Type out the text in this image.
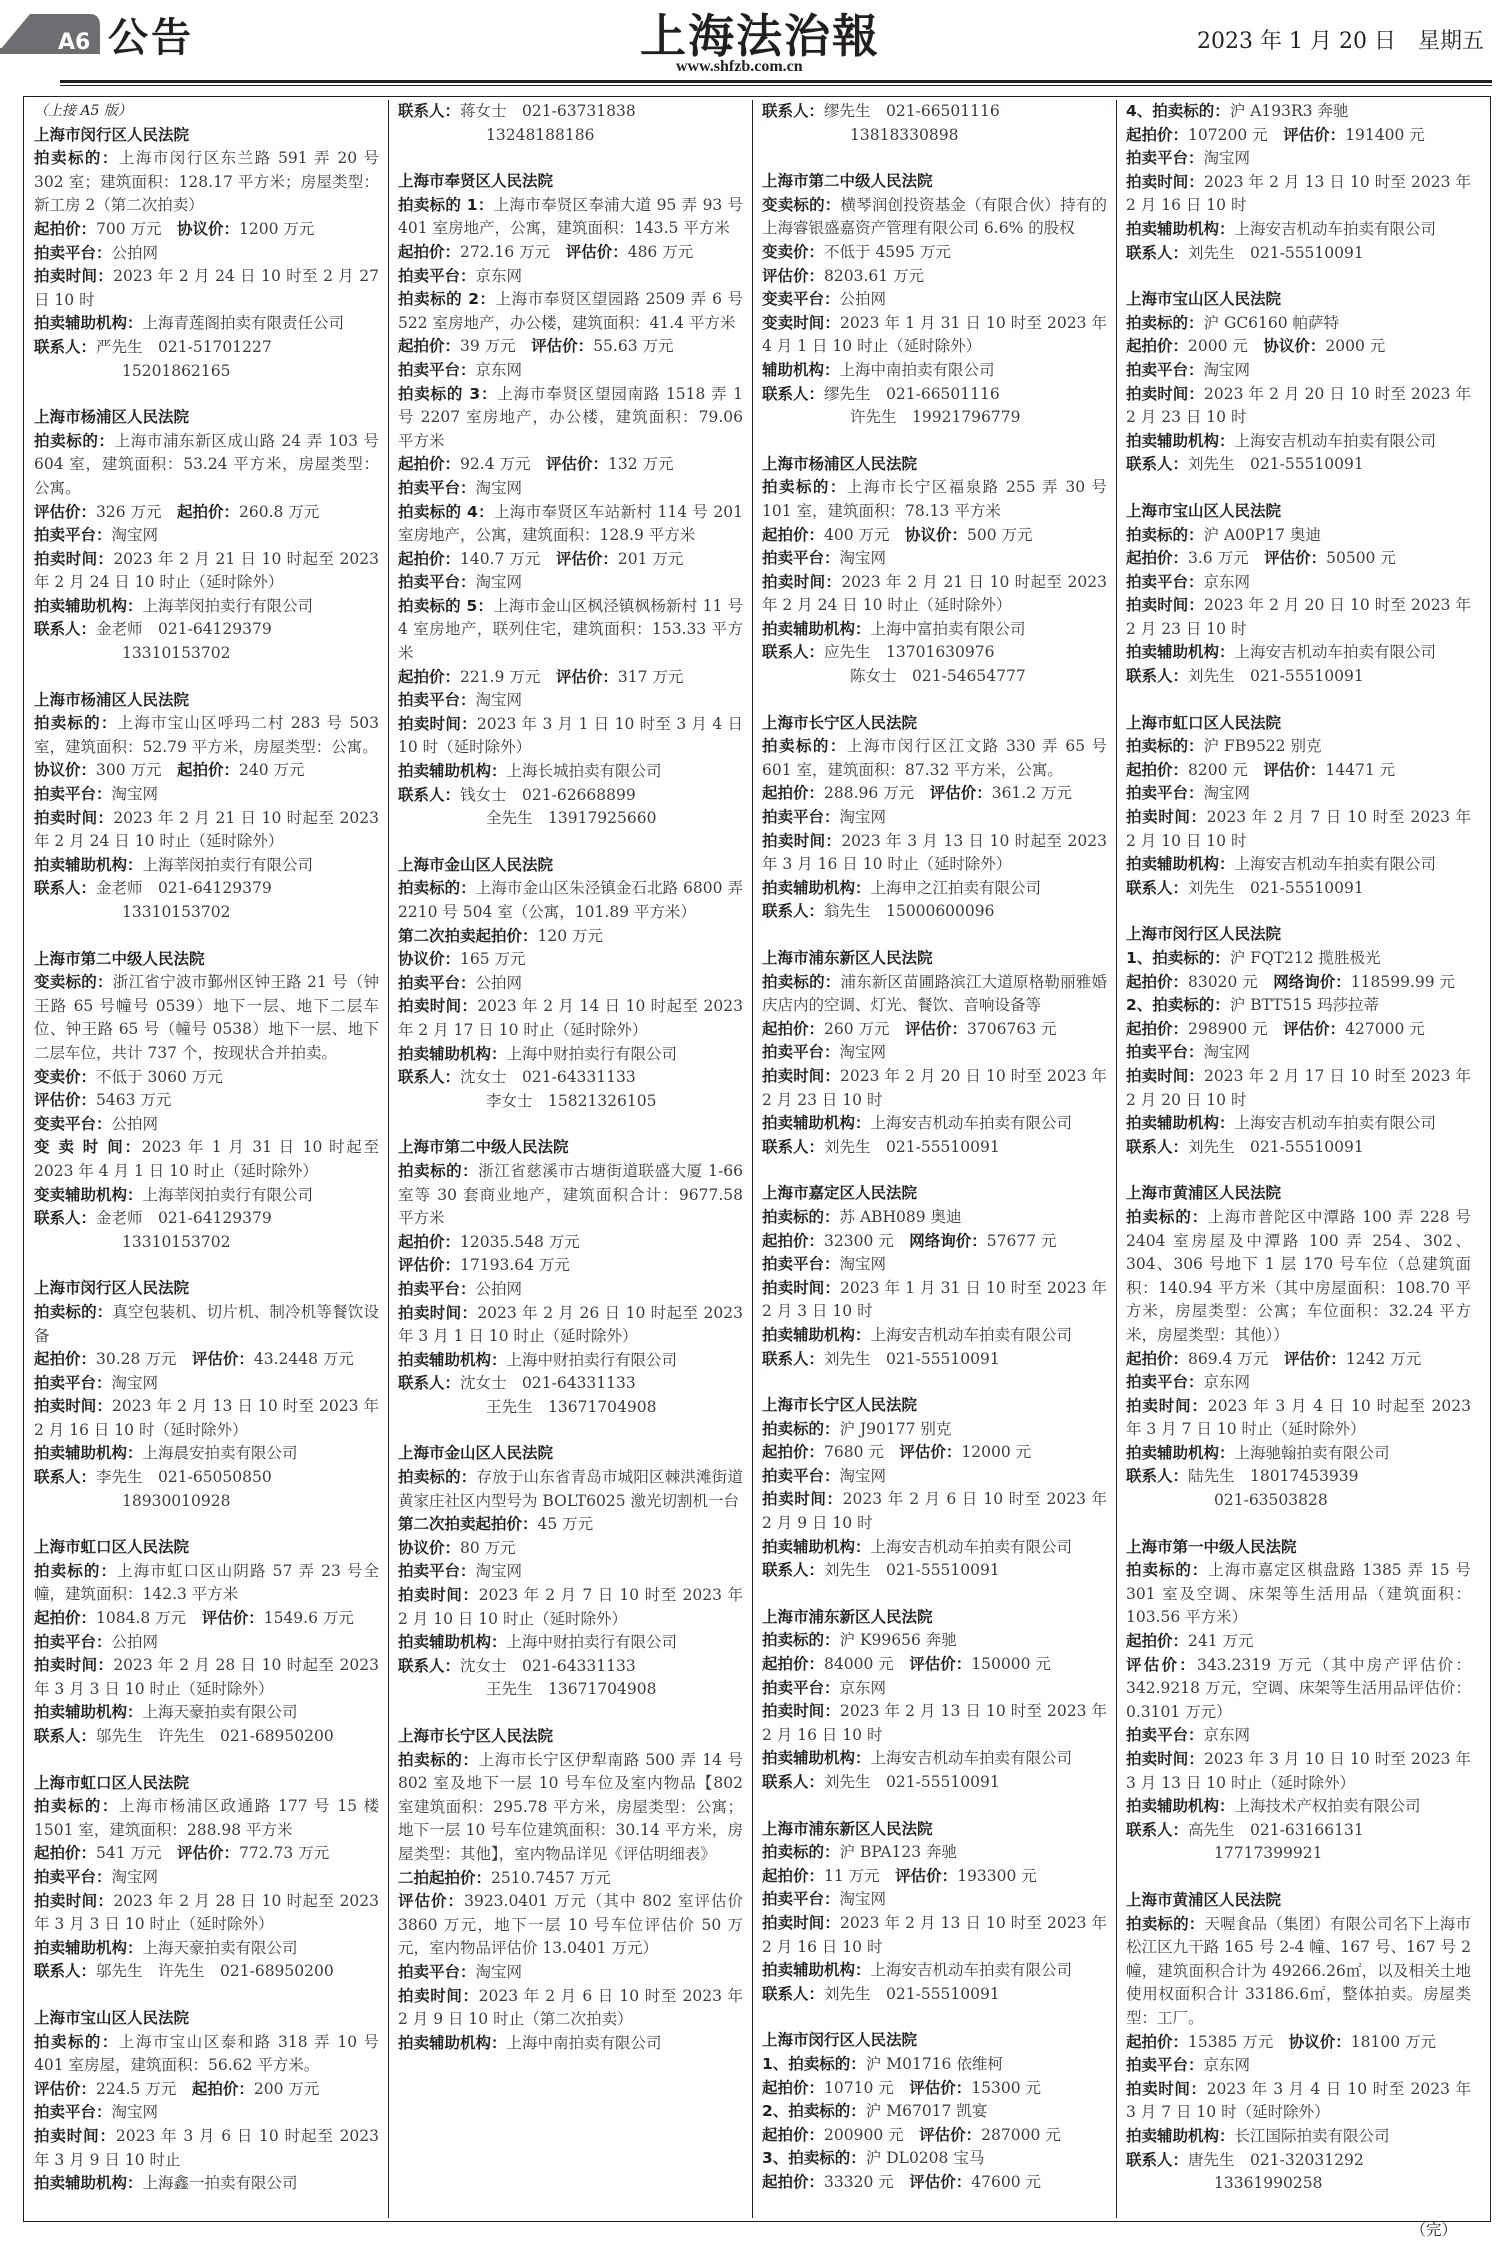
A6 公告	上海法治報
www.shfzb.com.cn
2023 年 1 月 20 日　星期五
（上接 A5 版）
上海市闵行区人民法院
拍卖标的：上海市闵行区东兰路 591 弄 20 号 302 室；建筑面积：128.17 平方米；房屋类型：新工房 2（第二次拍卖）
起拍价：700 万元　协议价：1200 万元
拍卖平台：公拍网
拍卖时间：2023 年 2 月 24 日 10 时至 2 月 27 日 10 时
拍卖辅助机构：上海青莲阁拍卖有限责任公司
联系人：严先生　021-51701227
15201862165
上海市杨浦区人民法院
拍卖标的：上海市浦东新区成山路 24 弄 103 号 604 室，建筑面积：53.24 平方米，房屋类型：公寓。
评估价：326 万元　起拍价：260.8 万元
拍卖平台：淘宝网
拍卖时间：2023 年 2 月 21 日 10 时起至 2023 年 2 月 24 日 10 时止（延时除外）
拍卖辅助机构：上海莘闵拍卖行有限公司
联系人：金老师　021-64129379
13310153702
上海市杨浦区人民法院
拍卖标的：上海市宝山区呼玛二村 283 号 503 室，建筑面积：52.79 平方米，房屋类型：公寓。
协议价：300 万元　起拍价：240 万元
拍卖平台：淘宝网
拍卖时间：2023 年 2 月 21 日 10 时起至 2023 年 2 月 24 日 10 时止（延时除外）
拍卖辅助机构：上海莘闵拍卖行有限公司
联系人：金老师　021-64129379
13310153702
上海市第二中级人民法院
变卖标的：浙江省宁波市鄞州区钟王路 21 号（钟王路 65 号幢号 0539）地下一层、地下二层车位、钟王路 65 号（幢号 0538）地下一层、地下二层车位，共计 737 个，按现状合并拍卖。
变卖价：不低于 3060 万元
评估价：5463 万元
变卖平台：公拍网
变 卖 时 间：2023 年 1 月 31 日 10 时起至 2023 年 4 月 1 日 10 时止（延时除外）
变卖辅助机构：上海莘闵拍卖行有限公司
联系人：金老师　021-64129379
13310153702
上海市闵行区人民法院
拍卖标的：真空包装机、切片机、制冷机等餐饮设备
起拍价：30.28 万元　评估价：43.2448 万元
拍卖平台：淘宝网
拍卖时间：2023 年 2 月 13 日 10 时至 2023 年 2 月 16 日 10 时（延时除外）
拍卖辅助机构：上海晨安拍卖有限公司
联系人：李先生　021-65050850
18930010928
上海市虹口区人民法院
拍卖标的：上海市虹口区山阴路 57 弄 23 号全幢，建筑面积：142.3 平方米
起拍价：1084.8 万元　评估价：1549.6 万元
拍卖平台：公拍网
拍卖时间：2023 年 2 月 28 日 10 时起至 2023 年 3 月 3 日 10 时止（延时除外）
拍卖辅助机构：上海天豪拍卖有限公司
联系人：邬先生　许先生　021-68950200
上海市虹口区人民法院
拍卖标的：上海市杨浦区政通路 177 号 15 楼 1501 室，建筑面积：288.98 平方米
起拍价：541 万元　评估价：772.73 万元
拍卖平台：淘宝网
拍卖时间：2023 年 2 月 28 日 10 时起至 2023 年 3 月 3 日 10 时止（延时除外）
拍卖辅助机构：上海天豪拍卖有限公司
联系人：邬先生　许先生　021-68950200
上海市宝山区人民法院
拍卖标的：上海市宝山区泰和路 318 弄 10 号 401 室房屋，建筑面积：56.62 平方米。
评估价：224.5 万元　起拍价：200 万元
拍卖平台：淘宝网
拍卖时间：2023 年 3 月 6 日 10 时起至 2023 年 3 月 9 日 10 时止
拍卖辅助机构：上海鑫一拍卖有限公司
联系人：蒋女士　021-63731838
13248188186
上海市奉贤区人民法院
拍卖标的 1：上海市奉贤区奉浦大道 95 弄 93 号 401 室房地产，公寓，建筑面积：143.5 平方米
起拍价：272.16 万元　评估价：486 万元
拍卖平台：京东网
拍卖标的 2：上海市奉贤区望园路 2509 弄 6 号 522 室房地产，办公楼，建筑面积：41.4 平方米
起拍价：39 万元　评估价：55.63 万元
拍卖平台：京东网
拍卖标的 3：上海市奉贤区望园南路 1518 弄 1 号 2207 室房地产，办公楼，建筑面积：79.06 平方米
起拍价：92.4 万元　评估价：132 万元
拍卖平台：淘宝网
拍卖标的 4：上海市奉贤区车站新村 114 号 201 室房地产，公寓，建筑面积：128.9 平方米
起拍价：140.7 万元　评估价：201 万元
拍卖平台：淘宝网
拍卖标的 5：上海市金山区枫泾镇枫杨新村 11 号 4 室房地产，联列住宅，建筑面积：153.33 平方米
起拍价：221.9 万元　评估价：317 万元
拍卖平台：淘宝网
拍卖时间：2023 年 3 月 1 日 10 时至 3 月 4 日 10 时（延时除外）
拍卖辅助机构：上海长城拍卖有限公司
联系人：钱女士　021-62668899
全先生　13917925660
上海市金山区人民法院
拍卖标的：上海市金山区朱泾镇金石北路 6800 弄 2210 号 504 室（公寓，101.89 平方米）
第二次拍卖起拍价：120 万元
协议价：165 万元
拍卖平台：公拍网
拍卖时间：2023 年 2 月 14 日 10 时起至 2023 年 2 月 17 日 10 时止（延时除外）
拍卖辅助机构：上海中财拍卖行有限公司
联系人：沈女士　021-64331133
李女士　15821326105
上海市第二中级人民法院
拍卖标的：浙江省慈溪市古塘街道联盛大厦 1-66 室等 30 套商业地产，建筑面积合计：9677.58 平方米
起拍价：12035.548 万元
评估价：17193.64 万元
拍卖平台：公拍网
拍卖时间：2023 年 2 月 26 日 10 时起至 2023 年 3 月 1 日 10 时止（延时除外）
拍卖辅助机构：上海中财拍卖行有限公司
联系人：沈女士　021-64331133
王先生　13671704908
上海市金山区人民法院
拍卖标的：存放于山东省青岛市城阳区棘洪滩街道黄家庄社区内型号为 BOLT6025 激光切割机一台
第二次拍卖起拍价：45 万元
协议价：80 万元
拍卖平台：淘宝网
拍卖时间：2023 年 2 月 7 日 10 时至 2023 年 2 月 10 日 10 时止（延时除外）
拍卖辅助机构：上海中财拍卖行有限公司
联系人：沈女士　021-64331133
王先生　13671704908
上海市长宁区人民法院
拍卖标的：上海市长宁区伊犁南路 500 弄 14 号 802 室及地下一层 10 号车位及室内物品【802 室建筑面积：295.78 平方米，房屋类型：公寓；地下一层 10 号车位建筑面积：30.14 平方米，房屋类型：其他】，室内物品详见《评估明细表》
二拍起拍价：2510.7457 万元
评估价：3923.0401 万元（其中 802 室评估价 3860 万元，地下一层 10 号车位评估价 50 万元，室内物品评估价 13.0401 万元）
拍卖平台：淘宝网
拍卖时间：2023 年 2 月 6 日 10 时至 2023 年 2 月 9 日 10 时止（第二次拍卖）
拍卖辅助机构：上海中南拍卖有限公司
联系人：缪先生　021-66501116
13818330898
上海市第二中级人民法院
变卖标的：横琴润创投资基金（有限合伙）持有的上海睿银盛嘉资产管理有限公司 6.6% 的股权
变卖价：不低于 4595 万元
评估价：8203.61 万元
变卖平台：公拍网
变卖时间：2023 年 1 月 31 日 10 时至 2023 年 4 月 1 日 10 时止（延时除外）
辅助机构：上海中南拍卖有限公司
联系人：缪先生　021-66501116
许先生　19921796779
上海市杨浦区人民法院
拍卖标的：上海市长宁区福泉路 255 弄 30 号 101 室，建筑面积：78.13 平方米
起拍价：400 万元　协议价：500 万元
拍卖平台：淘宝网
拍卖时间：2023 年 2 月 21 日 10 时起至 2023 年 2 月 24 日 10 时止（延时除外）
拍卖辅助机构：上海中富拍卖有限公司
联系人：应先生　13701630976
陈女士　021-54654777
上海市长宁区人民法院
拍卖标的：上海市闵行区江文路 330 弄 65 号 601 室，建筑面积：87.32 平方米，公寓。
起拍价：288.96 万元　评估价：361.2 万元
拍卖平台：淘宝网
拍卖时间：2023 年 3 月 13 日 10 时起至 2023 年 3 月 16 日 10 时止（延时除外）
拍卖辅助机构：上海申之江拍卖有限公司
联系人：翁先生　15000600096
上海市浦东新区人民法院
拍卖标的：浦东新区苗圃路滨江大道原格勒丽雅婚庆店内的空调、灯光、餐饮、音响设备等
起拍价：260 万元　评估价：3706763 元
拍卖平台：淘宝网
拍卖时间：2023 年 2 月 20 日 10 时至 2023 年 2 月 23 日 10 时
拍卖辅助机构：上海安吉机动车拍卖有限公司
联系人：刘先生　021-55510091
上海市嘉定区人民法院
拍卖标的：苏 ABH089 奥迪
起拍价：32300 元　网络询价：57677 元
拍卖平台：淘宝网
拍卖时间：2023 年 1 月 31 日 10 时至 2023 年 2 月 3 日 10 时
拍卖辅助机构：上海安吉机动车拍卖有限公司
联系人：刘先生　021-55510091
上海市长宁区人民法院
拍卖标的：沪 J90177 别克
起拍价：7680 元　评估价：12000 元
拍卖平台：淘宝网
拍卖时间：2023 年 2 月 6 日 10 时至 2023 年 2 月 9 日 10 时
拍卖辅助机构：上海安吉机动车拍卖有限公司
联系人：刘先生　021-55510091
上海市浦东新区人民法院
拍卖标的：沪 K99656 奔驰
起拍价：84000 元　评估价：150000 元
拍卖平台：京东网
拍卖时间：2023 年 2 月 13 日 10 时至 2023 年 2 月 16 日 10 时
拍卖辅助机构：上海安吉机动车拍卖有限公司
联系人：刘先生　021-55510091
上海市浦东新区人民法院
拍卖标的：沪 BPA123 奔驰
起拍价：11 万元　评估价：193300 元
拍卖平台：淘宝网
拍卖时间：2023 年 2 月 13 日 10 时至 2023 年 2 月 16 日 10 时
拍卖辅助机构：上海安吉机动车拍卖有限公司
联系人：刘先生　021-55510091
上海市闵行区人民法院
1、拍卖标的：沪 M01716 依维柯
起拍价：10710 元　评估价：15300 元
2、拍卖标的：沪 M67017 凯宴
起拍价：200900 元　评估价：287000 元
3、拍卖标的：沪 DL0208 宝马
起拍价：33320 元　评估价：47600 元
4、拍卖标的：沪 A193R3 奔驰
起拍价：107200 元　评估价：191400 元
拍卖平台：淘宝网
拍卖时间：2023 年 2 月 13 日 10 时至 2023 年 2 月 16 日 10 时
拍卖辅助机构：上海安吉机动车拍卖有限公司
联系人：刘先生　021-55510091
上海市宝山区人民法院
拍卖标的：沪 GC6160 帕萨特
起拍价：2000 元　协议价：2000 元
拍卖平台：淘宝网
拍卖时间：2023 年 2 月 20 日 10 时至 2023 年 2 月 23 日 10 时
拍卖辅助机构：上海安吉机动车拍卖有限公司
联系人：刘先生　021-55510091
上海市宝山区人民法院
拍卖标的：沪 A00P17 奥迪
起拍价：3.6 万元　评估价：50500 元
拍卖平台：京东网
拍卖时间：2023 年 2 月 20 日 10 时至 2023 年 2 月 23 日 10 时
拍卖辅助机构：上海安吉机动车拍卖有限公司
联系人：刘先生　021-55510091
上海市虹口区人民法院
拍卖标的：沪 FB9522 别克
起拍价：8200 元　评估价：14471 元
拍卖平台：淘宝网
拍卖时间：2023 年 2 月 7 日 10 时至 2023 年 2 月 10 日 10 时
拍卖辅助机构：上海安吉机动车拍卖有限公司
联系人：刘先生　021-55510091
上海市闵行区人民法院
1、拍卖标的：沪 FQT212 揽胜极光
起拍价：83020 元　网络询价：118599.99 元
2、拍卖标的：沪 BTT515 玛莎拉蒂
起拍价：298900 元　评估价：427000 元
拍卖平台：淘宝网
拍卖时间：2023 年 2 月 17 日 10 时至 2023 年 2 月 20 日 10 时
拍卖辅助机构：上海安吉机动车拍卖有限公司
联系人：刘先生　021-55510091
上海市黄浦区人民法院
拍卖标的：上海市普陀区中潭路 100 弄 228 号 2404 室房屋及中潭路 100 弄 254、302、304、306 号地下 1 层 170 号车位（总建筑面积：140.94 平方米（其中房屋面积：108.70 平方米，房屋类型：公寓；车位面积：32.24 平方米，房屋类型：其他））
起拍价：869.4 万元　评估价：1242 万元
拍卖平台：京东网
拍卖时间：2023 年 3 月 4 日 10 时起至 2023 年 3 月 7 日 10 时止（延时除外）
拍卖辅助机构：上海驰翰拍卖有限公司
联系人：陆先生　18017453939
021-63503828
上海市第一中级人民法院
拍卖标的：上海市嘉定区棋盘路 1385 弄 15 号 301 室及空调、床架等生活用品（建筑面积：103.56 平方米）
起拍价：241 万元
评估价：343.2319 万元（其中房产评估价：342.9218 万元，空调、床架等生活用品评估价：0.3101 万元）
拍卖平台：京东网
拍卖时间：2023 年 3 月 10 日 10 时至 2023 年 3 月 13 日 10 时止（延时除外）
拍卖辅助机构：上海技术产权拍卖有限公司
联系人：高先生　021-63166131
17717399921
上海市黄浦区人民法院
拍卖标的：天喔食品（集团）有限公司名下上海市松江区九干路 165 号 2-4 幢、167 号、167 号 2 幢，建筑面积合计为 49266.26㎡，以及相关土地使用权面积合计 33186.6㎡，整体拍卖。房屋类型：工厂。
起拍价：15385 万元　协议价：18100 万元
拍卖平台：京东网
拍卖时间：2023 年 3 月 4 日 10 时至 2023 年 3 月 7 日 10 时（延时除外）
拍卖辅助机构：长江国际拍卖有限公司
联系人：唐先生　021-32031292
13361990258
（完）
